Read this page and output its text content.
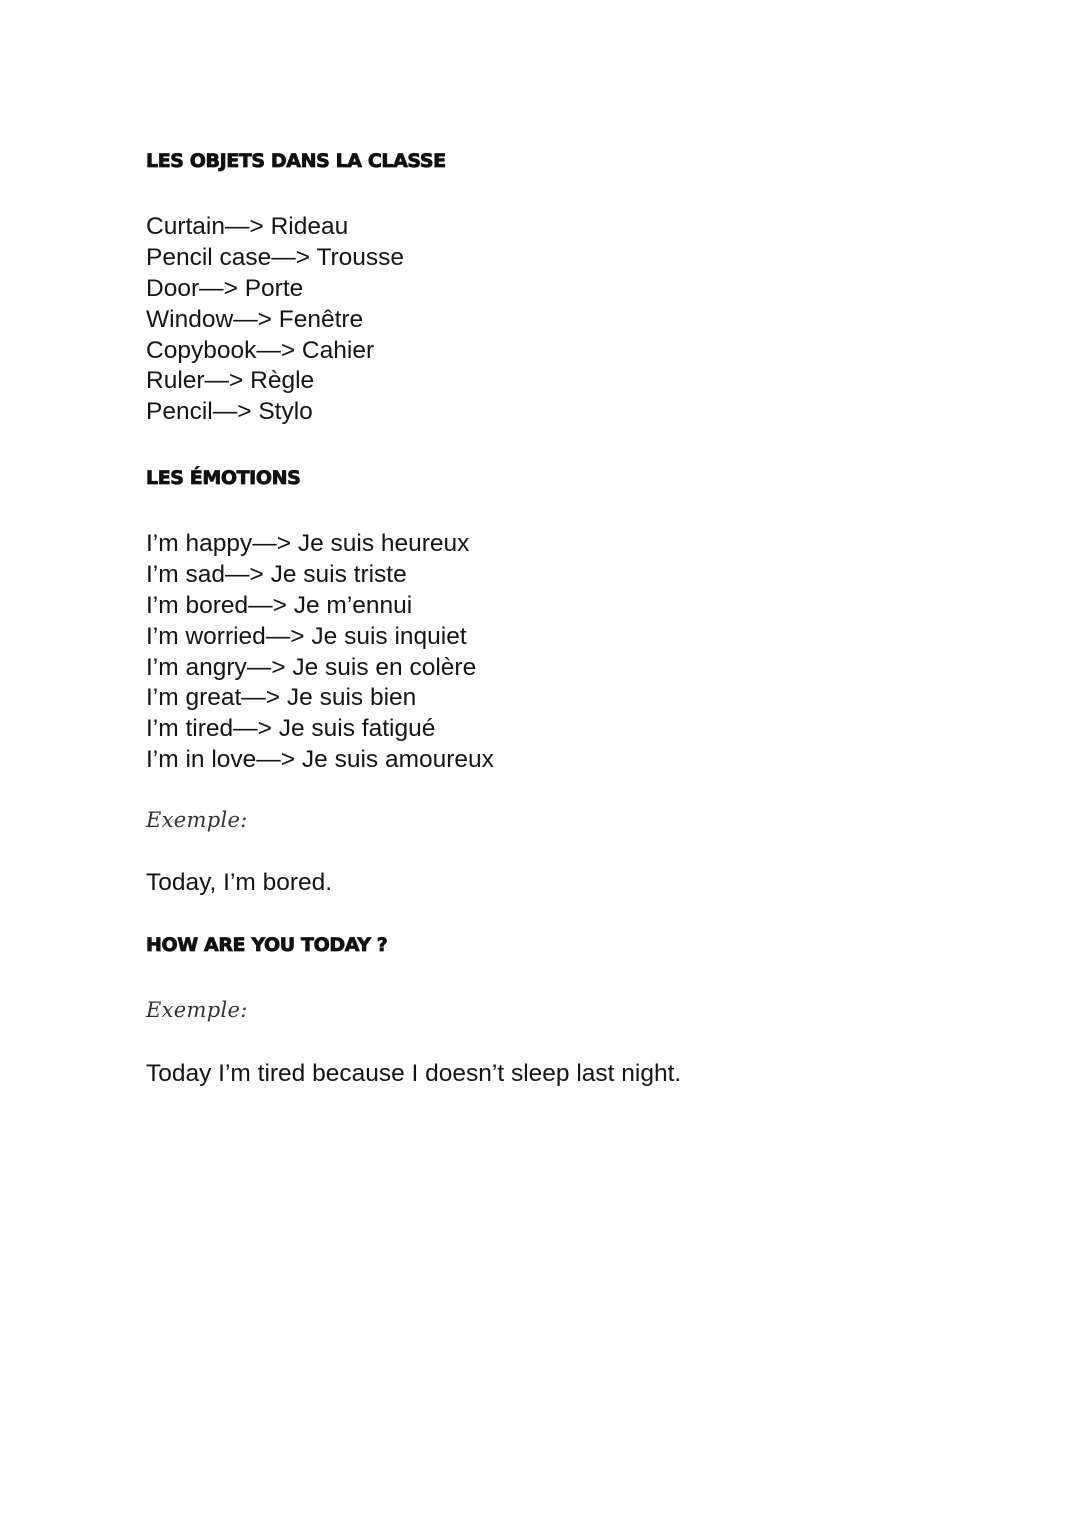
LES OBJETS DANS LA CLASSE
Curtain—> Rideau
Pencil case—> Trousse
Door—> Porte
Window—> Fenêtre
Copybook—> Cahier
Ruler—> Règle
Pencil—> Stylo
LES ÉMOTIONS
I’m happy—> Je suis heureux
I’m sad—> Je suis triste
I’m bored—> Je m’ennui
I’m worried—> Je suis inquiet
I’m angry—> Je suis en colère
I’m great—> Je suis bien
I’m tired—> Je suis fatigué
I’m in love—> Je suis amoureux
Exemple:
Today, I’m bored.
HOW ARE YOU TODAY ?
Exemple:
Today I’m tired because I doesn’t sleep last night.
